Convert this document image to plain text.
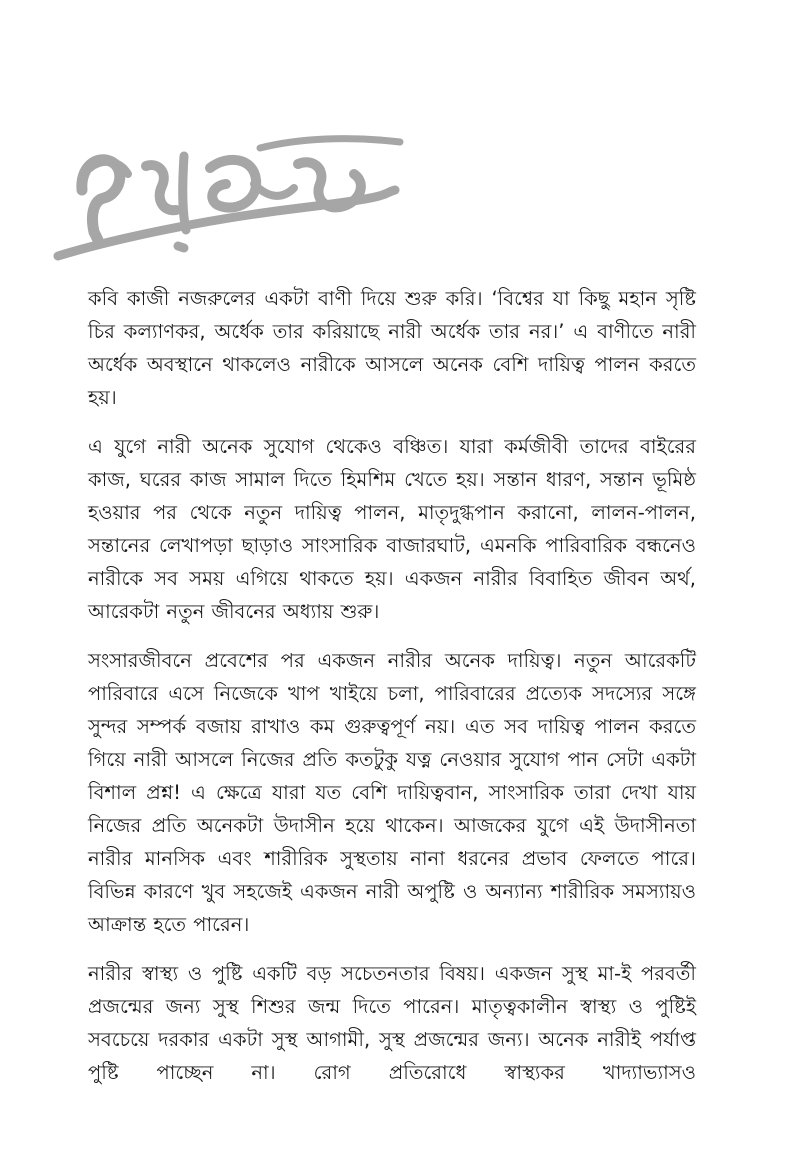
কবি কাজী নজরুলের একটা বাণী দিয়ে শুরু করি। ‘বিশ্বের যা কিছু মহান সৃষ্টি চির কল্যাণকর, অর্ধেক তার করিয়াছে নারী অর্ধেক তার নর।’ এ বাণীতে নারী অর্ধেক অবস্থানে থাকলেও নারীকে আসলে অনেক বেশি দায়িত্ব পালন করতে হয়।

এ যুগে নারী অনেক সুযোগ থেকেও বঞ্চিত। যারা কর্মজীবী তাদের বাইরের কাজ, ঘরের কাজ সামাল দিতে হিমশিম খেতে হয়। সন্তান ধারণ, সন্তান ভূমিষ্ঠ হওয়ার পর থেকে নতুন দায়িত্ব পালন, মাতৃদুগ্ধপান করানো, লালন-পালন, সন্তানের লেখাপড়া ছাড়াও সাংসারিক বাজারঘাট, এমনকি পারিবারিক বন্ধনেও নারীকে সব সময় এগিয়ে থাকতে হয়। একজন নারীর বিবাহিত জীবন অর্থ, আরেকটা নতুন জীবনের অধ্যায় শুরু।

সংসারজীবনে প্রবেশের পর একজন নারীর অনেক দায়িত্ব। নতুন আরেকটি পারিবারে এসে নিজেকে খাপ খাইয়ে চলা, পারিবারের প্রত্যেক সদস্যের সঙ্গে সুন্দর সম্পর্ক বজায় রাখাও কম গুরুত্বপূর্ণ নয়। এত সব দায়িত্ব পালন করতে গিয়ে নারী আসলে নিজের প্রতি কতটুকু যত্ন নেওয়ার সুযোগ পান সেটা একটা বিশাল প্রশ্ন! এ ক্ষেত্রে যারা যত বেশি দায়িত্ববান, সাংসারিক তারা দেখা যায় নিজের প্রতি অনেকটা উদাসীন হয়ে থাকেন। আজকের যুগে এই উদাসীনতা নারীর মানসিক এবং শারীরিক সুস্থতায় নানা ধরনের প্রভাব ফেলতে পারে। বিভিন্ন কারণে খুব সহজেই একজন নারী অপুষ্টি ও অন্যান্য শারীরিক সমস্যায়ও আক্রান্ত হতে পারেন।

নারীর স্বাস্থ্য ও পুষ্টি একটি বড় সচেতনতার বিষয়। একজন সুস্থ মা-ই পরবর্তী প্রজন্মের জন্য সুস্থ শিশুর জন্ম দিতে পারেন। মাতৃত্বকালীন স্বাস্থ্য ও পুষ্টিই সবচেয়ে দরকার একটা সুস্থ আগামী, সুস্থ প্রজন্মের জন্য। অনেক নারীই পর্যাপ্ত পুষ্টি পাচ্ছেন না। রোগ প্রতিরোধে স্বাস্থ্যকর খাদ্যাভ্যাসও
